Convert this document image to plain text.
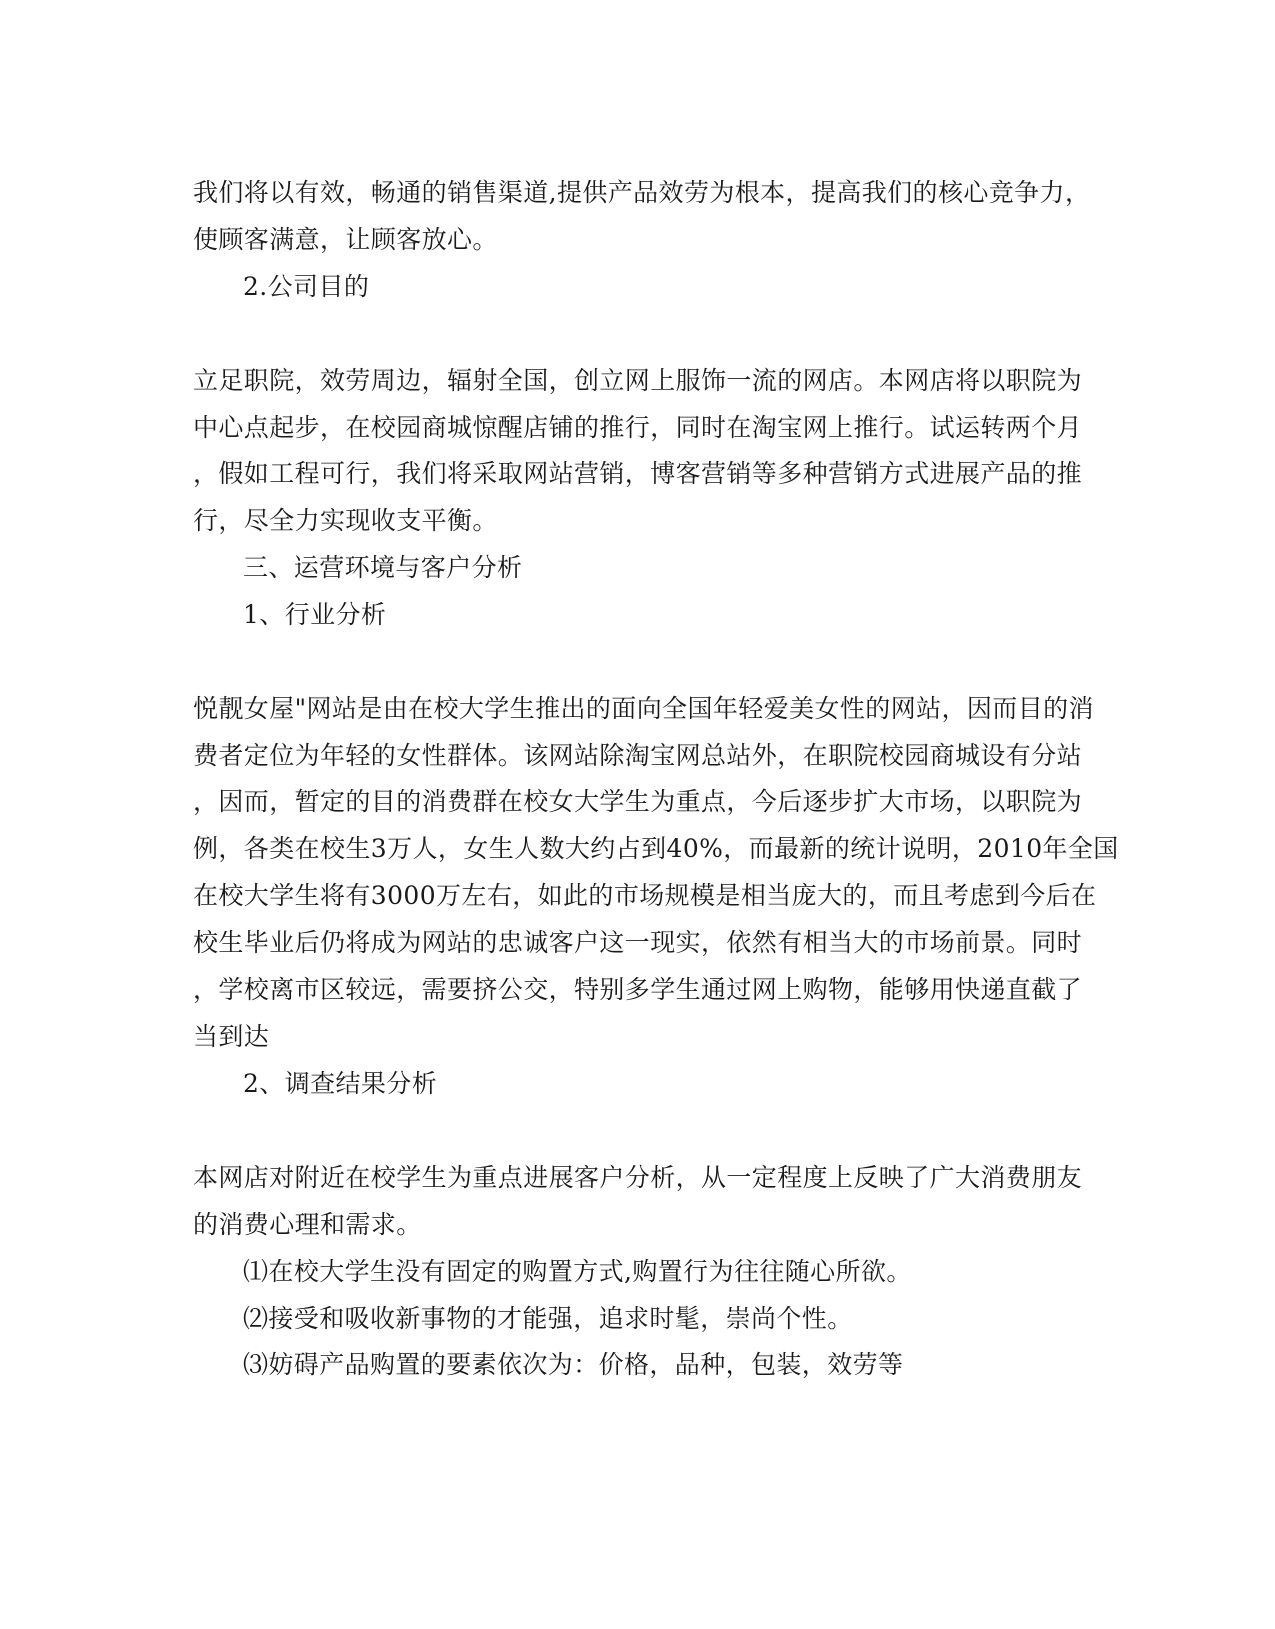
我们将以有效，畅通的销售渠道,提供产品效劳为根本，提高我们的核心竞争力，

使顾客满意，让顾客放心。

2.公司目的

立足职院，效劳周边，辐射全国，创立网上服饰一流的网店。本网店将以职院为

中心点起步，在校园商城惊醒店铺的推行，同时在淘宝网上推行。试运转两个月

，假如工程可行，我们将采取网站营销，博客营销等多种营销方式进展产品的推

行，尽全力实现收支平衡。

三、运营环境与客户分析

1、行业分析

悦靓女屋"网站是由在校大学生推出的面向全国年轻爱美女性的网站，因而目的消

费者定位为年轻的女性群体。该网站除淘宝网总站外，在职院校园商城设有分站

，因而，暂定的目的消费群在校女大学生为重点，今后逐步扩大市场，以职院为

例，各类在校生3万人，女生人数大约占到40%，而最新的统计说明，2010年全国

在校大学生将有3000万左右，如此的市场规模是相当庞大的，而且考虑到今后在

校生毕业后仍将成为网站的忠诚客户这一现实，依然有相当大的市场前景。同时

，学校离市区较远，需要挤公交，特别多学生通过网上购物，能够用快递直截了

当到达

2、调查结果分析

本网店对附近在校学生为重点进展客户分析，从一定程度上反映了广大消费朋友

的消费心理和需求。

⑴在校大学生没有固定的购置方式,购置行为往往随心所欲。

⑵接受和吸收新事物的才能强，追求时髦，崇尚个性。

⑶妨碍产品购置的要素依次为：价格，品种，包装，效劳等
